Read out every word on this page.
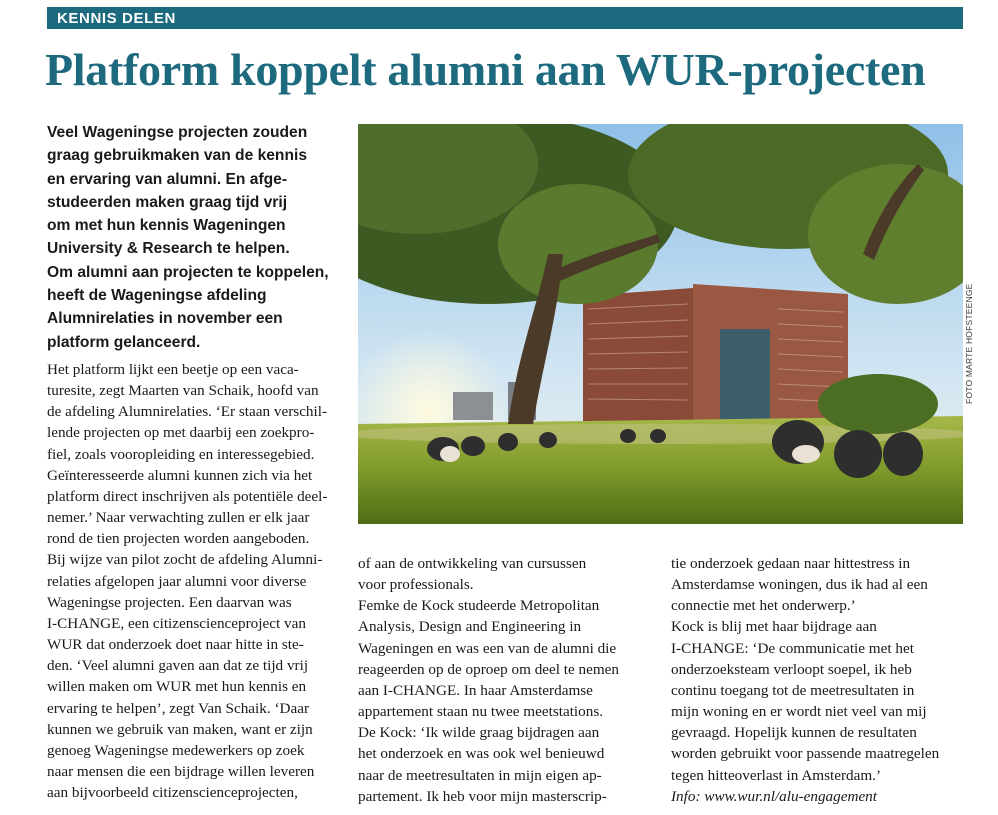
KENNIS DELEN
Platform koppelt alumni aan WUR-projecten
Veel Wageningse projecten zouden
graag gebruikmaken van de kennis
en ervaring van alumni. En afge-
studeerden maken graag tijd vrij
om met hun kennis Wageningen
University & Research te helpen.
Om alumni aan projecten te koppelen,
heeft de Wageningse afdeling
Alumnirelaties in november een
platform gelanceerd.	FOTO MARTE HOFSTEENGE
Het platform lijkt een beetje op een vaca-
turesite, zegt Maarten van Schaik, hoofd van
de afdeling Alumnirelaties. ‘Er staan verschil-
lende projecten op met daarbij een zoekpro-
fiel, zoals vooropleiding en interessegebied.
Geïnteresseerde alumni kunnen zich via het
platform direct inschrijven als potentiële deel-
nemer.’ Naar verwachting zullen er elk jaar
rond de tien projecten worden aangeboden.
Bij wijze van pilot zocht de afdeling Alumni-
relaties afgelopen jaar alumni voor diverse
Wageningse projecten. Een daarvan was
I-CHANGE, een citizenscienceproject van
WUR dat onderzoek doet naar hitte in ste-
den. ‘Veel alumni gaven aan dat ze tijd vrij
willen maken om WUR met hun kennis en
ervaring te helpen’, zegt Van Schaik. ‘Daar
kunnen we gebruik van maken, want er zijn
genoeg Wageningse medewerkers op zoek
naar mensen die een bijdrage willen leveren
aan bijvoorbeeld citizenscienceprojecten,
of aan de ontwikkeling van cursussen
voor professionals.
Femke de Kock studeerde Metropolitan
Analysis, Design and Engineering in
Wageningen en was een van de alumni die
reageerden op de oproep om deel te nemen
aan I-CHANGE. In haar Amsterdamse
appartement staan nu twee meetstations.
De Kock: ‘Ik wilde graag bijdragen aan
het onderzoek en was ook wel benieuwd
naar de meetresultaten in mijn eigen ap-
partement. Ik heb voor mijn masterscrip-
tie onderzoek gedaan naar hittestress in
Amsterdamse woningen, dus ik had al een
connectie met het onderwerp.’
Kock is blij met haar bijdrage aan
I-CHANGE: ‘De communicatie met het
onderzoeksteam verloopt soepel, ik heb
continu toegang tot de meetresultaten in
mijn woning en er wordt niet veel van mij
gevraagd. Hopelijk kunnen de resultaten
worden gebruikt voor passende maatregelen
tegen hitteoverlast in Amsterdam.’
Info: www.wur.nl/alu-engagement
